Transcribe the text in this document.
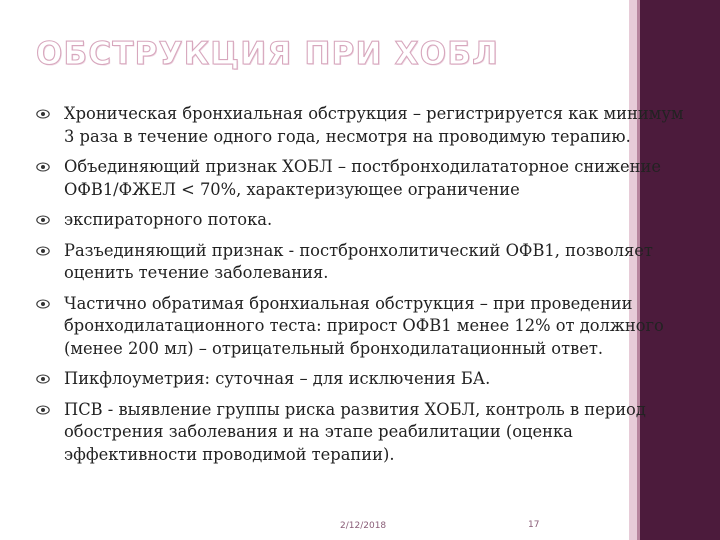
ОБСТРУКЦИЯ ПРИ ХОБЛ
Хроническая бронхиальная обструкция – регистрируется как минимум 3 раза в течение одного года, несмотря на проводимую терапию.
Объединяющий признак ХОБЛ – постбронходилататорное снижение ОФВ1/ФЖЕЛ < 70%, характеризующее ограничение
экспираторного потока.
Разъединяющий признак - постбронхолитический ОФВ1, позволяет оценить течение заболевания.
Частично обратимая бронхиальная обструкция – при проведении бронходилатационного теста: прирост ОФВ1 менее 12% от должного (менее 200 мл) – отрицательный бронходилатационный ответ.
Пикфлоуметрия: суточная – для исключения БА.
ПСВ - выявление группы риска развития ХОБЛ, контроль в период обострения заболевания и на этапе реабилитации (оценка эффективности проводимой терапии).
2/12/2018	17
